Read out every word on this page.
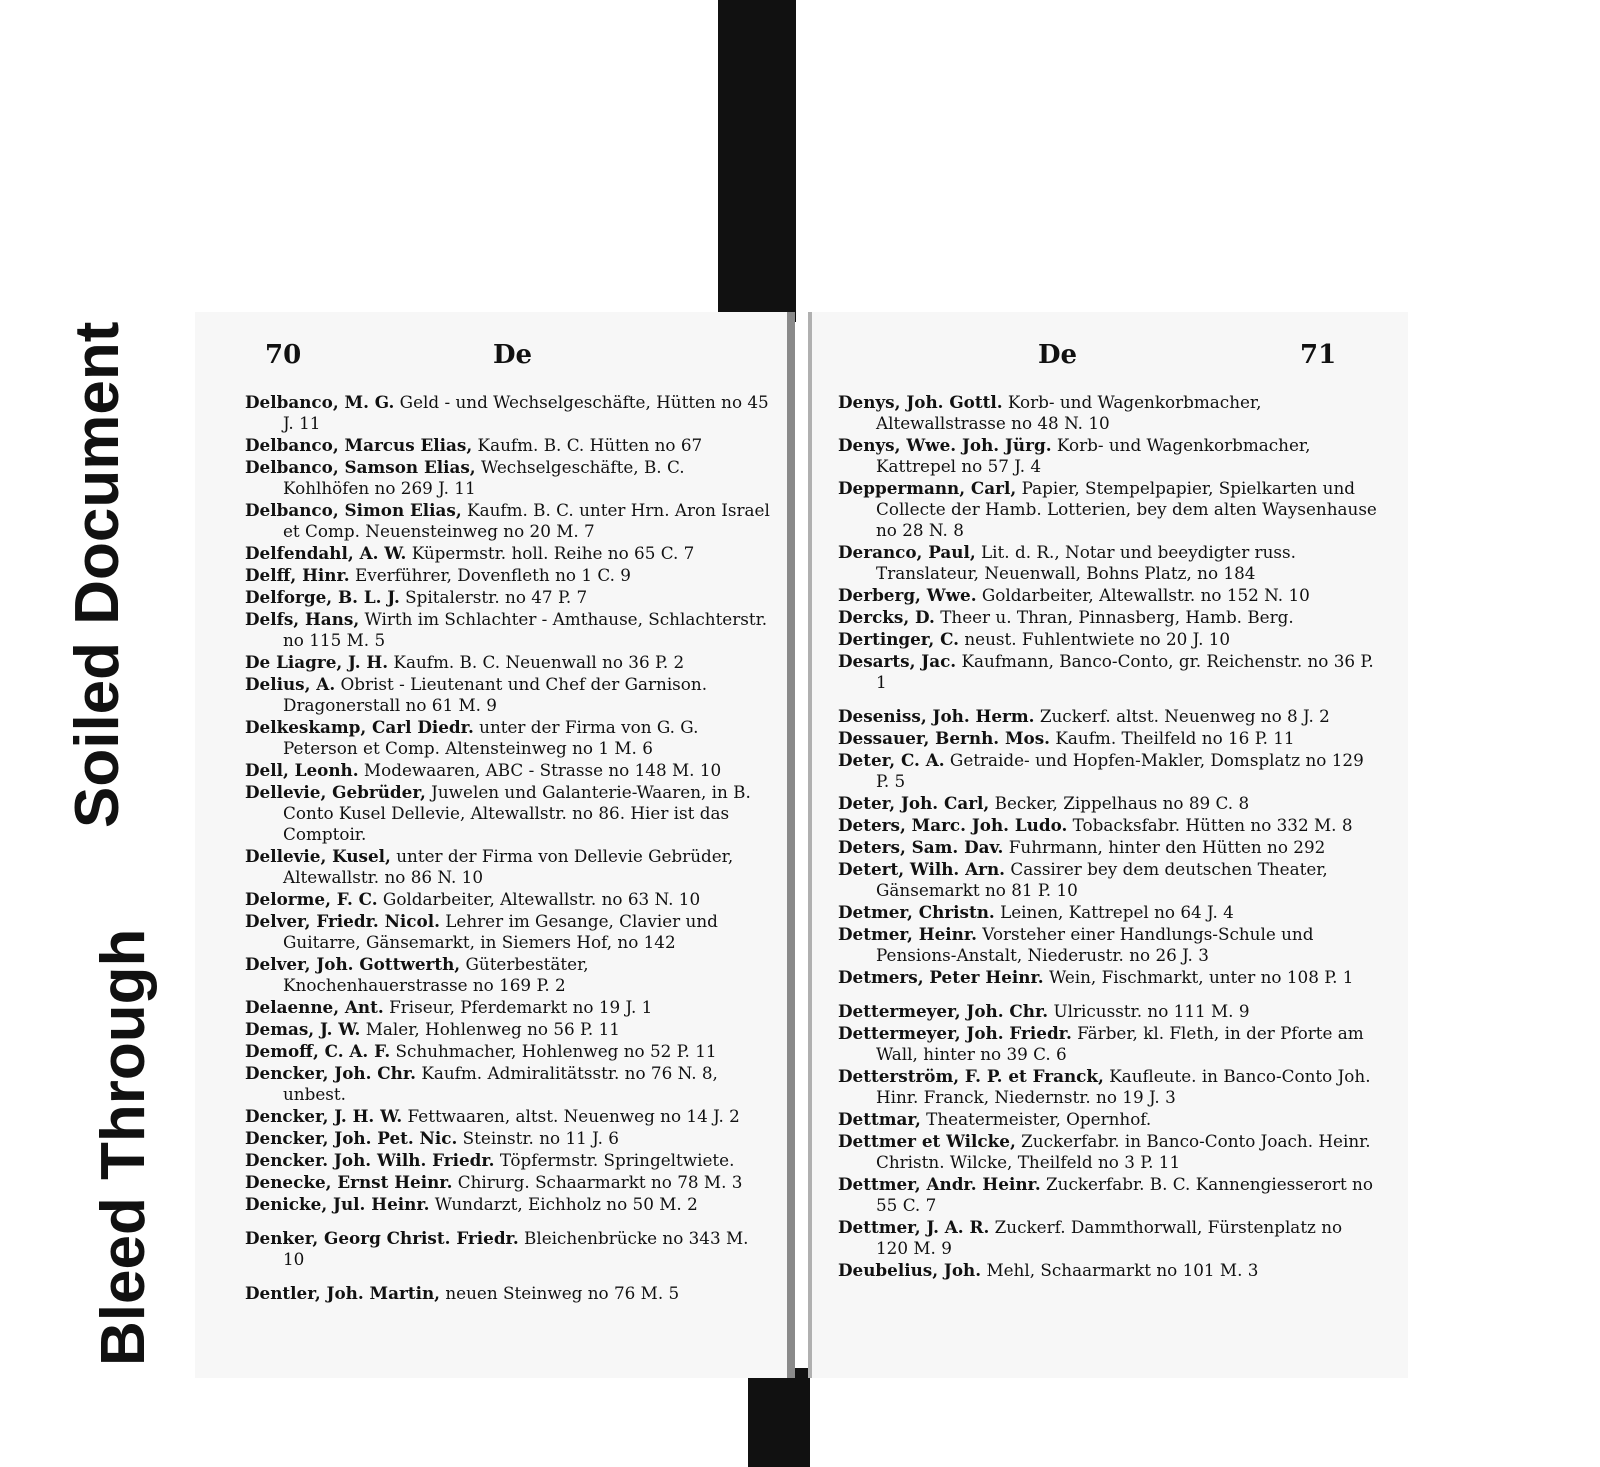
Soiled Document
Bleed Through
70	De
Delbanco, M. G. Geld - und Wechselgeschäfte, Hütten no 45 J. 11
Delbanco, Marcus Elias, Kaufm. B. C. Hütten no 67
Delbanco, Samson Elias, Wechselgeschäfte, B. C. Kohlhöfen no 269 J. 11
Delbanco, Simon Elias, Kaufm. B. C. unter Hrn. Aron Israel et Comp. Neuensteinweg no 20 M. 7
Delfendahl, A. W. Küpermstr. holl. Reihe no 65 C. 7
Delff, Hinr. Everführer, Dovenfleth no 1 C. 9
Delforge, B. L. J. Spitalerstr. no 47 P. 7
Delfs, Hans, Wirth im Schlachter - Amthause, Schlachterstr. no 115 M. 5
De Liagre, J. H. Kaufm. B. C. Neuenwall no 36 P. 2
Delius, A. Obrist - Lieutenant und Chef der Garnison. Dragonerstall no 61 M. 9
Delkeskamp, Carl Diedr. unter der Firma von G. G. Peterson et Comp. Altensteinweg no 1 M. 6
Dell, Leonh. Modewaaren, ABC - Strasse no 148 M. 10
Dellevie, Gebrüder, Juwelen und Galanterie-Waaren, in B. Conto Kusel Dellevie, Altewallstr. no 86. Hier ist das Comptoir.
Dellevie, Kusel, unter der Firma von Dellevie Gebrüder, Altewallstr. no 86 N. 10
Delorme, F. C. Goldarbeiter, Altewallstr. no 63 N. 10
Delver, Friedr. Nicol. Lehrer im Gesange, Clavier und Guitarre, Gänsemarkt, in Siemers Hof, no 142
Delver, Joh. Gottwerth, Güterbestäter, Knochenhauerstrasse no 169 P. 2
Delaenne, Ant. Friseur, Pferdemarkt no 19 J. 1
Demas, J. W. Maler, Hohlenweg no 56 P. 11
Demoff, C. A. F. Schuhmacher, Hohlenweg no 52 P. 11
Dencker, Joh. Chr. Kaufm. Admiralitätsstr. no 76 N. 8, unbest.
Dencker, J. H. W. Fettwaaren, altst. Neuenweg no 14 J. 2
Dencker, Joh. Pet. Nic. Steinstr. no 11 J. 6
Dencker. Joh. Wilh. Friedr. Töpfermstr. Springeltwiete.
Denecke, Ernst Heinr. Chirurg. Schaarmarkt no 78 M. 3
Denicke, Jul. Heinr. Wundarzt, Eichholz no 50 M. 2
Denker, Georg Christ. Friedr. Bleichenbrücke no 343 M. 10
Dentler, Joh. Martin, neuen Steinweg no 76 M. 5
De	71
Denys, Joh. Gottl. Korb- und Wagenkorbmacher, Altewallstrasse no 48 N. 10
Denys, Wwe. Joh. Jürg. Korb- und Wagenkorbmacher, Kattrepel no 57 J. 4
Deppermann, Carl, Papier, Stempelpapier, Spielkarten und Collecte der Hamb. Lotterien, bey dem alten Waysenhause no 28 N. 8
Deranco, Paul, Lit. d. R., Notar und beeydigter russ. Translateur, Neuenwall, Bohns Platz, no 184
Derberg, Wwe. Goldarbeiter, Altewallstr. no 152 N. 10
Dercks, D. Theer u. Thran, Pinnasberg, Hamb. Berg.
Dertinger, C. neust. Fuhlentwiete no 20 J. 10
Desarts, Jac. Kaufmann, Banco-Conto, gr. Reichenstr. no 36 P. 1
Deseniss, Joh. Herm. Zuckerf. altst. Neuenweg no 8 J. 2
Dessauer, Bernh. Mos. Kaufm. Theilfeld no 16 P. 11
Deter, C. A. Getraide- und Hopfen-Makler, Domsplatz no 129 P. 5
Deter, Joh. Carl, Becker, Zippelhaus no 89 C. 8
Deters, Marc. Joh. Ludo. Tobacksfabr. Hütten no 332 M. 8
Deters, Sam. Dav. Fuhrmann, hinter den Hütten no 292
Detert, Wilh. Arn. Cassirer bey dem deutschen Theater, Gänsemarkt no 81 P. 10
Detmer, Christn. Leinen, Kattrepel no 64 J. 4
Detmer, Heinr. Vorsteher einer Handlungs-Schule und Pensions-Anstalt, Niederustr. no 26 J. 3
Detmers, Peter Heinr. Wein, Fischmarkt, unter no 108 P. 1
Dettermeyer, Joh. Chr. Ulricusstr. no 111 M. 9
Dettermeyer, Joh. Friedr. Färber, kl. Fleth, in der Pforte am Wall, hinter no 39 C. 6
Detterström, F. P. et Franck, Kaufleute. in Banco-Conto Joh. Hinr. Franck, Niedernstr. no 19 J. 3
Dettmar, Theatermeister, Opernhof.
Dettmer et Wilcke, Zuckerfabr. in Banco-Conto Joach. Heinr. Christn. Wilcke, Theilfeld no 3 P. 11
Dettmer, Andr. Heinr. Zuckerfabr. B. C. Kannengiesserort no 55 C. 7
Dettmer, J. A. R. Zuckerf. Dammthorwall, Fürstenplatz no 120 M. 9
Deubelius, Joh. Mehl, Schaarmarkt no 101 M. 3
